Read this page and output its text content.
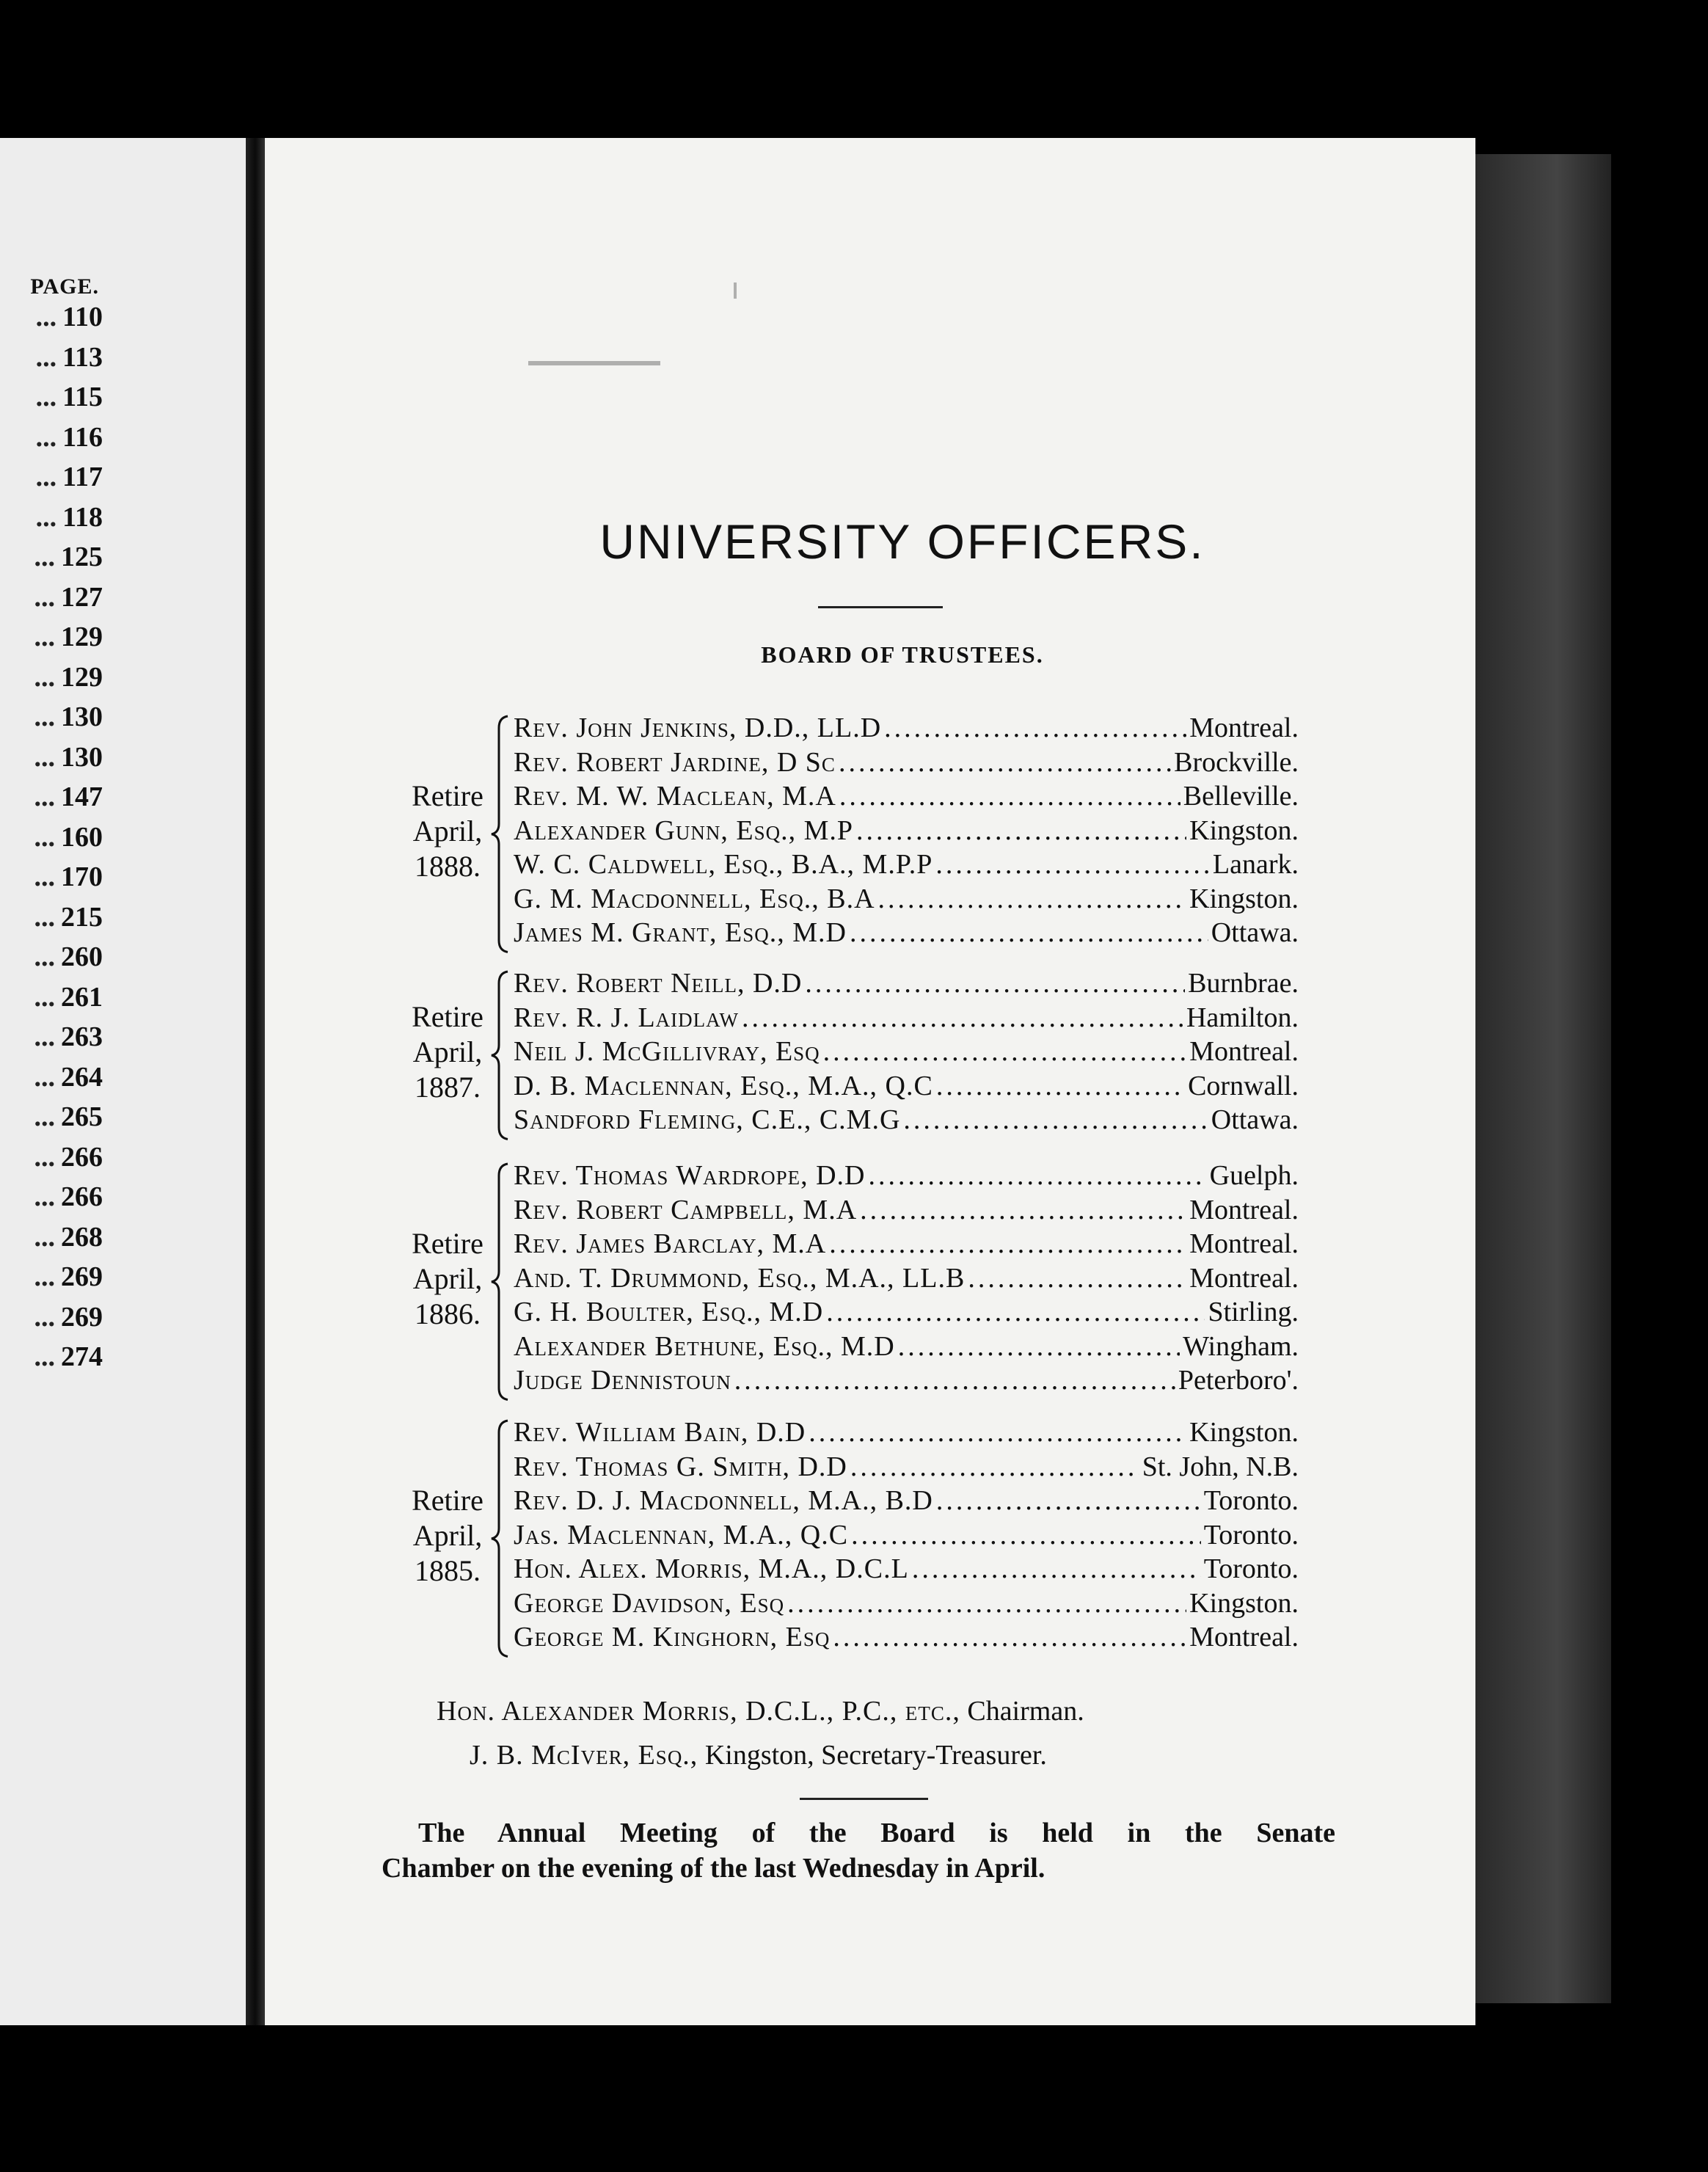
PAGE.
... 110
... 113
... 115
... 116
... 117
... 118
... 125
... 127
... 129
... 129
... 130
... 130
... 147
... 160
... 170
... 215
... 260
... 261
... 263
... 264
... 265
... 266
... 266
... 268
... 269
... 269
... 274
UNIVERSITY OFFICERS.
BOARD OF TRUSTEES.
Retire
April,
1888.
Rev. John Jenkins, D.D., LL.D .....	Montreal.
Rev. Robert Jardine, D Sc .....	Brockville.
Rev. M. W. Maclean, M.A .....	Belleville.
Alexander Gunn, Esq., M.P .....	Kingston.
W. C. Caldwell, Esq., B.A., M.P.P .....	Lanark.
G. M. Macdonnell, Esq., B.A .....	Kingston.
James M. Grant, Esq., M.D .....	Ottawa.
Retire
April,
1887.
Rev. Robert Neill, D.D .....	Burnbrae.
Rev. R. J. Laidlaw .....	Hamilton.
Neil J. McGillivray, Esq .....	Montreal.
D. B. Maclennan, Esq., M.A., Q.C .....	Cornwall.
Sandford Fleming, C.E., C.M.G .....	Ottawa.
Retire
April,
1886.
Rev. Thomas Wardrope, D.D .....	Guelph.
Rev. Robert Campbell, M.A .....	Montreal.
Rev. James Barclay, M.A .....	Montreal.
And. T. Drummond, Esq., M.A., LL.B .....	Montreal.
G. H. Boulter, Esq., M.D .....	Stirling.
Alexander Bethune, Esq., M.D .....	Wingham.
Judge Dennistoun .....	Peterboro'.
Retire
April,
1885.
Rev. William Bain, D.D .....	Kingston.
Rev. Thomas G. Smith, D.D .....	St. John, N.B.
Rev. D. J. Macdonnell, M.A., B.D .....	Toronto.
Jas. Maclennan, M.A., Q.C .....	Toronto.
Hon. Alex. Morris, M.A., D.C.L .....	Toronto.
George Davidson, Esq .....	Kingston.
George M. Kinghorn, Esq .....	Montreal.
Hon. Alexander Morris, D.C.L., P.C., etc., Chairman.
J. B. McIver, Esq., Kingston, Secretary-Treasurer.
The Annual Meeting of the Board is held in the Senate
Chamber on the evening of the last Wednesday in April.
